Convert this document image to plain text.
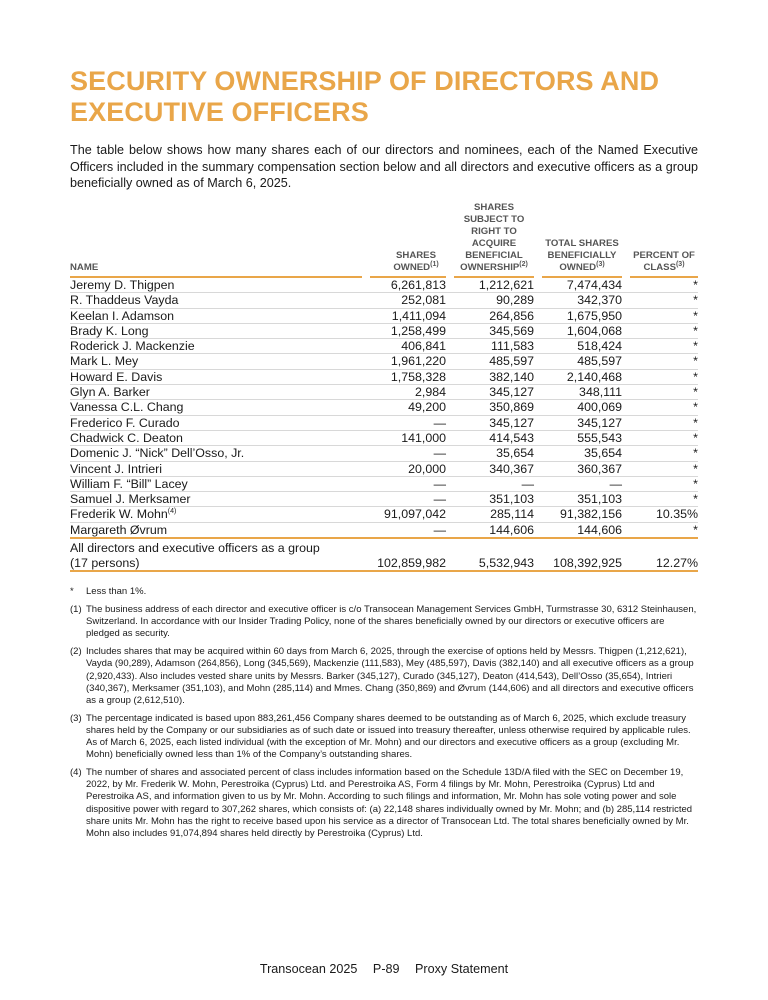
SECURITY OWNERSHIP OF DIRECTORS AND EXECUTIVE OFFICERS

The table below shows how many shares each of our directors and nominees, each of the Named Executive Officers included in the summary compensation section below and all directors and executive officers as a group beneficially owned as of March 6, 2025.

NAME		SHARES OWNED$^{(1)}$		SHARES SUBJECT TO RIGHT TO ACQUIRE BENEFICIAL OWNERSHIP$^{(2)}$		TOTAL SHARES BENEFICIALLY OWNED$^{(3)}$		PERCENT OF CLASS$^{(3)}$
Jeremy D. Thigpen		6,261,813		1,212,621		7,474,434		*
R. Thaddeus Vayda		252,081		90,289		342,370		*
Keelan I. Adamson		1,411,094		264,856		1,675,950		*
Brady K. Long		1,258,499		345,569		1,604,068		*
Roderick J. Mackenzie		406,841		111,583		518,424		*
Mark L. Mey		1,961,220		485,597		485,597		*
Howard E. Davis		1,758,328		382,140		2,140,468		*
Glyn A. Barker		2,984		345,127		348,111		*
Vanessa C.L. Chang		49,200		350,869		400,069		*
Frederico F. Curado		—		345,127		345,127		*
Chadwick C. Deaton		141,000		414,543		555,543		*
Domenic J. “Nick” Dell’Osso, Jr.		—		35,654		35,654		*
Vincent J. Intrieri		20,000		340,367		360,367		*
William F. “Bill” Lacey		—		—		—		*
Samuel J. Merksamer		—		351,103		351,103		*
Frederik W. Mohn$^{(4)}$		91,097,042		285,114		91,382,156		10.35%
Margareth Øvrum		—		144,606		144,606		*

All directors and executive officers as a group
(17 persons)		102,859,982		5,532,943		108,392,925		12.27%
*	Less than 1%.
(1) The business address of each director and executive officer is c/o Transocean Management Services GmbH, Turmstrasse 30, 6312 Steinhausen, Switzerland. In accordance with our Insider Trading Policy, none of the shares beneficially owned by our directors or executive officers are pledged as security.
(2) Includes shares that may be acquired within 60 days from March 6, 2025, through the exercise of options held by Messrs. Thigpen (1,212,621), Vayda (90,289), Adamson (264,856), Long (345,569), Mackenzie (111,583), Mey (485,597), Davis (382,140) and all executive officers as a group (2,920,433). Also includes vested share units by Messrs. Barker (345,127), Curado (345,127), Deaton (414,543), Dell’Osso (35,654), Intrieri (340,367), Merksamer (351,103), and Mohn (285,114) and Mmes. Chang (350,869) and Øvrum (144,606) and all directors and executive officers as a group (2,612,510).
(3) The percentage indicated is based upon 883,261,456 Company shares deemed to be outstanding as of March 6, 2025, which exclude treasury shares held by the Company or our subsidiaries as of such date or issued into treasury thereafter, unless otherwise required by applicable rules. As of March 6, 2025, each listed individual (with the exception of Mr. Mohn) and our directors and executive officers as a group (excluding Mr. Mohn) beneficially owned less than 1% of the Company’s outstanding shares.
(4) The number of shares and associated percent of class includes information based on the Schedule 13D/A filed with the SEC on December 19, 2022, by Mr. Frederik W. Mohn, Perestroika (Cyprus) Ltd. and Perestroika AS, Form 4 filings by Mr. Mohn, Perestroika (Cyprus) Ltd and Perestroika AS, and information given to us by Mr. Mohn. According to such filings and information, Mr. Mohn has sole voting power and sole dispositive power with regard to 307,262 shares, which consists of: (a) 22,148 shares individually owned by Mr. Mohn; and (b) 285,114 restricted share units Mr. Mohn has the right to receive based upon his service as a director of Transocean Ltd. The total shares beneficially owned by Mr. Mohn also includes 91,074,894 shares held directly by Perestroika (Cyprus) Ltd.
Transocean 2025 P-89 Proxy Statement
